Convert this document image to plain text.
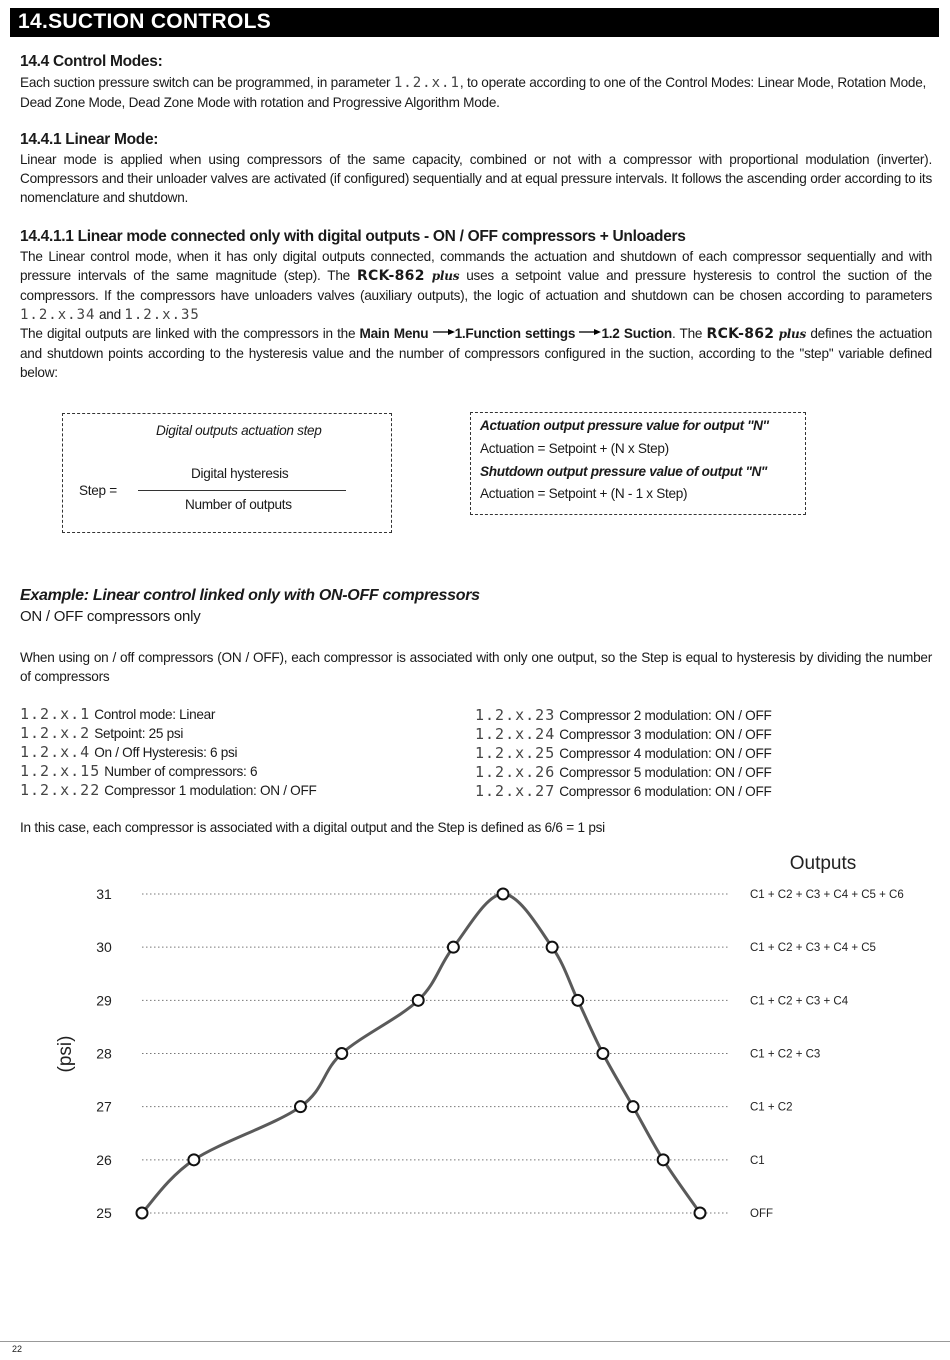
14.SUCTION CONTROLS
14.4 Control Modes:
Each suction pressure switch can be programmed, in parameter 1.2.x.1, to operate according to one of the Control Modes: Linear Mode, Rotation Mode, Dead Zone Mode, Dead Zone Mode with rotation and Progressive Algorithm Mode.
14.4.1 Linear Mode:
Linear mode is applied when using compressors of the same capacity, combined or not with a compressor with proportional modulation (inverter). Compressors and their unloader valves are activated (if configured) sequentially and at equal pressure intervals. It follows the ascending order according to its nomenclature and shutdown.
14.4.1.1 Linear mode connected only with digital outputs - ON / OFF compressors + Unloaders
The Linear control mode, when it has only digital outputs connected, commands the actuation and shutdown of each compressor sequentially and with pressure intervals of the same magnitude (step). The RCK-862 plus uses a setpoint value and pressure hysteresis to control the suction of the compressors. If the compressors have unloaders valves (auxiliary outputs), the logic of actuation and shutdown can be chosen according to parameters 1.2.x.34 and 1.2.x.35
The digital outputs are linked with the compressors in the Main Menu 1.Function settings 1.2 Suction. The RCK-862 plus defines the actuation and shutdown points according to the hysteresis value and the number of compressors configured in the suction, according to the ''step'' variable defined below:
Digital outputs actuation step
Step =
Digital hysteresis
Number of outputs
Actuation output pressure value for output ''N''
Actuation = Setpoint + (N x Step)
Shutdown output pressure value of output ''N''
Actuation = Setpoint + (N - 1 x Step)
Example: Linear control linked only with ON-OFF compressors
ON / OFF compressors only
When using on / off compressors (ON / OFF), each compressor is associated with only one output, so the Step is equal to hysteresis by dividing the number of compressors
1.2.x.1 Control mode: Linear
1.2.x.2 Setpoint: 25 psi
1.2.x.4 On / Off Hysteresis: 6 psi
1.2.x.15 Number of compressors: 6
1.2.x.22 Compressor 1 modulation: ON / OFF
1.2.x.23 Compressor 2 modulation: ON / OFF
1.2.x.24 Compressor 3 modulation: ON / OFF
1.2.x.25 Compressor 4 modulation: ON / OFF
1.2.x.26 Compressor 5 modulation: ON / OFF
1.2.x.27 Compressor 6 modulation: ON / OFF
In this case, each compressor is associated with a digital output and the Step is defined as 6/6 = 1 psi
31
30
29
28
27
26
25
(psi)
Outputs
C1 + C2 + C3 + C4 + C5 + C6
C1 + C2 + C3 + C4 + C5
C1 + C2 + C3 + C4
C1 + C2 + C3
C1 + C2
C1
OFF
22
